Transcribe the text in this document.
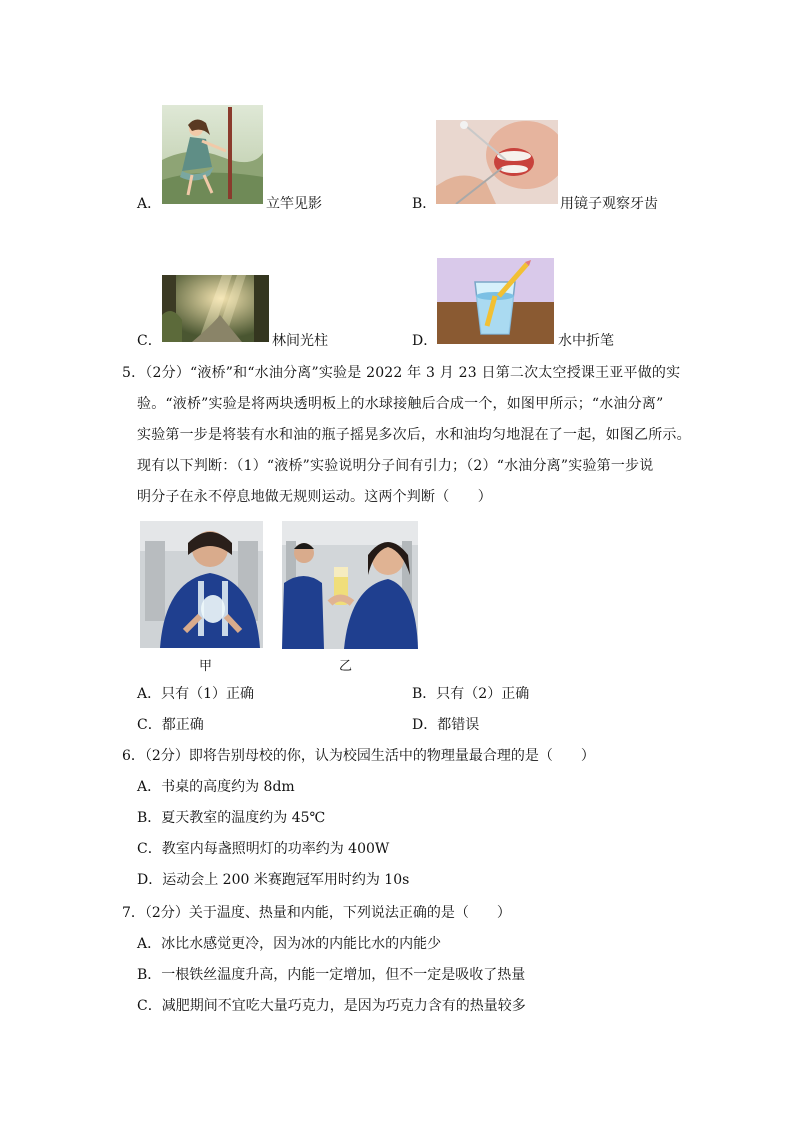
A．	立竿见影	B．	用镜子观察牙齿
C．	林间光柱	D．	水中折笔
5．（2分）“液桥”和“水油分离”实验是 2022 年 3 月 23 日第二次太空授课王亚平做的实
验。“液桥”实验是将两块透明板上的水球接触后合成一个，如图甲所示；“水油分离”
实验第一步是将装有水和油的瓶子摇晃多次后，水和油均匀地混在了一起，如图乙所示。
现有以下判断：（1）“液桥”实验说明分子间有引力；（2）“水油分离”实验第一步说
明分子在永不停息地做无规则运动。这两个判断（　　）
甲	乙
A．只有（1）正确	B．只有（2）正确
C．都正确	D．都错误
6．（2分）即将告别母校的你，认为校园生活中的物理量最合理的是（　　）
A．书桌的高度约为 8dm
B．夏天教室的温度约为 45℃
C．教室内每盏照明灯的功率约为 400W
D．运动会上 200 米赛跑冠军用时约为 10s
7．（2分）关于温度、热量和内能，下列说法正确的是（　　）
A．冰比水感觉更冷，因为冰的内能比水的内能少
B．一根铁丝温度升高，内能一定增加，但不一定是吸收了热量
C．减肥期间不宜吃大量巧克力，是因为巧克力含有的热量较多
